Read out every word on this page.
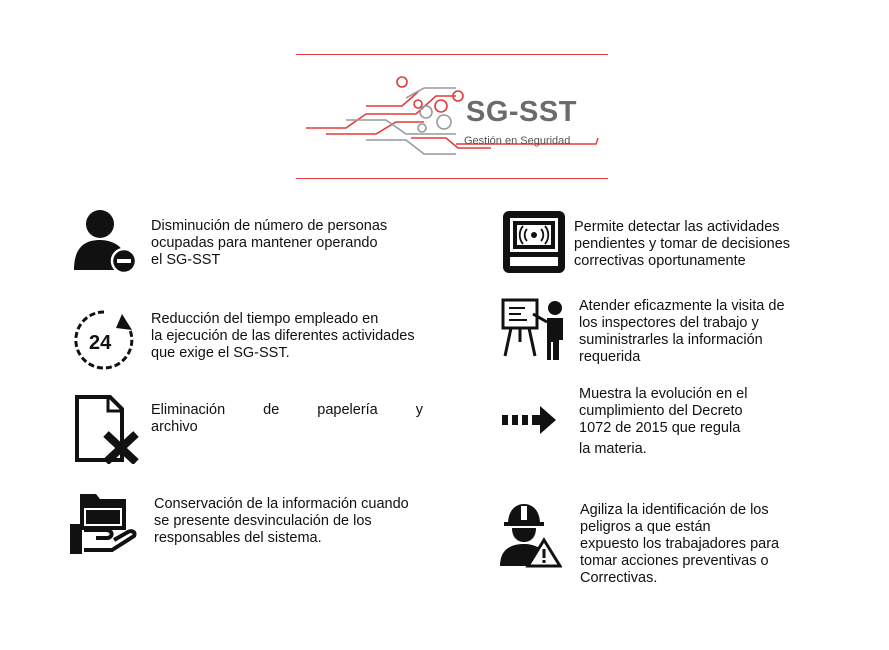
SG-SST
Gestión en Seguridad
Disminución de número de personas
ocupadas para mantener operando
el SG-SST
24
Reducción del tiempo empleado en
la ejecución de las diferentes actividades
que exige el SG-SST.
Eliminación de papelería y
archivo
Conservación de la información cuando
se presente desvinculación de los
responsables del sistema.
Permite detectar las actividades
pendientes y tomar de decisiones
correctivas oportunamente
Atender eficazmente la visita de
los inspectores del trabajo y
suministrarles la información
requerida
Muestra la evolución en el
cumplimiento del Decreto
1072 de 2015 que regula
la materia.
Agiliza la identificación de los
peligros a que están
expuesto los trabajadores para
tomar acciones preventivas o
Correctivas.
